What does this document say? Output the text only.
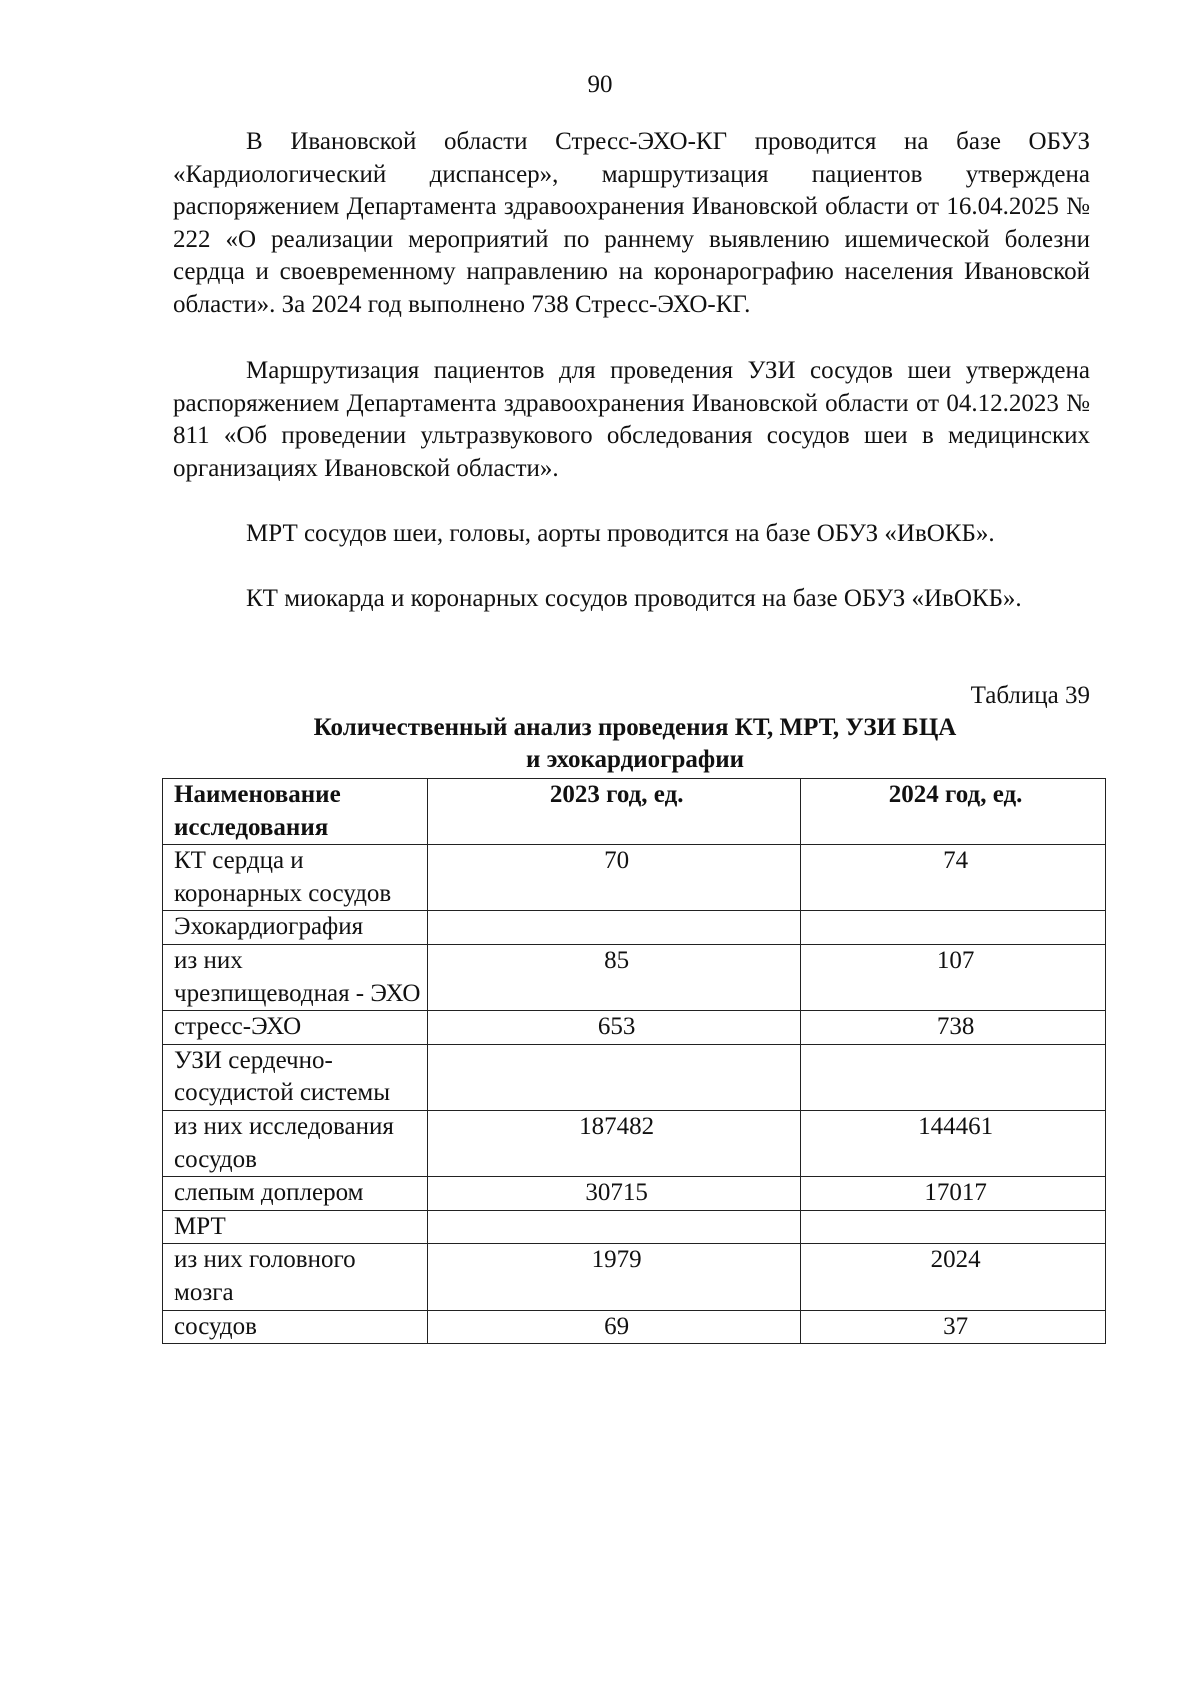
90

В Ивановской области Стресс-ЭХО-КГ проводится на базе ОБУЗ «Кардиологический диспансер», маршрутизация пациентов утверждена распоряжением Департамента здравоохранения Ивановской области от 16.04.2025 № 222 «О реализации мероприятий по раннему выявлению ишемической болезни сердца и своевременному направлению на коронарографию населения Ивановской области». За 2024 год выполнено 738 Стресс-ЭХО-КГ.

Маршрутизация пациентов для проведения УЗИ сосудов шеи утверждена распоряжением Департамента здравоохранения Ивановской области от 04.12.2023 № 811 «Об проведении ультразвукового обследования сосудов шеи в медицинских организациях Ивановской области».

МРТ сосудов шеи, головы, аорты проводится на базе ОБУЗ «ИвОКБ».

КТ миокарда и коронарных сосудов проводится на базе ОБУЗ «ИвОКБ».

Таблица 39
Количественный анализ проведения КТ, МРТ, УЗИ БЦА
и эхокардиографии
Наименование исследования	2023 год, ед.	2024 год, ед.
КТ сердца и коронарных сосудов	70	74
Эхокардиография		
из них чрезпищеводная - ЭХО	85	107
стресс-ЭХО	653	738
УЗИ сердечно-сосудистой системы		
из них исследования сосудов	187482	144461
слепым доплером	30715	17017
МРТ		
из них головного мозга	1979	2024
сосудов	69	37
